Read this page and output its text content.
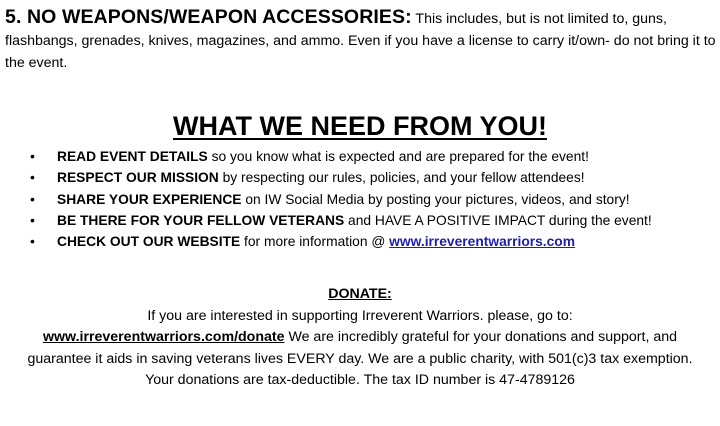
5. NO WEAPONS/WEAPON ACCESSORIES: This includes, but is not limited to, guns, flashbangs, grenades, knives, magazines, and ammo. Even if you have a license to carry it/own- do not bring it to the event.
WHAT WE NEED FROM YOU!
•	READ EVENT DETAILS so you know what is expected and are prepared for the event!
•	RESPECT OUR MISSION by respecting our rules, policies, and your fellow attendees!
•	SHARE YOUR EXPERIENCE on IW Social Media by posting your pictures, videos, and story!
•	BE THERE FOR YOUR FELLOW VETERANS and HAVE A POSITIVE IMPACT during the event!
•	CHECK OUT OUR WEBSITE for more information @ www.irreverentwarriors.com
DONATE:
If you are interested in supporting Irreverent Warriors. please, go to:
www.irreverentwarriors.com/donate We are incredibly grateful for your donations and support, and
guarantee it aids in saving veterans lives EVERY day. We are a public charity, with 501(c)3 tax exemption.
Your donations are tax-deductible. The tax ID number is 47-4789126
